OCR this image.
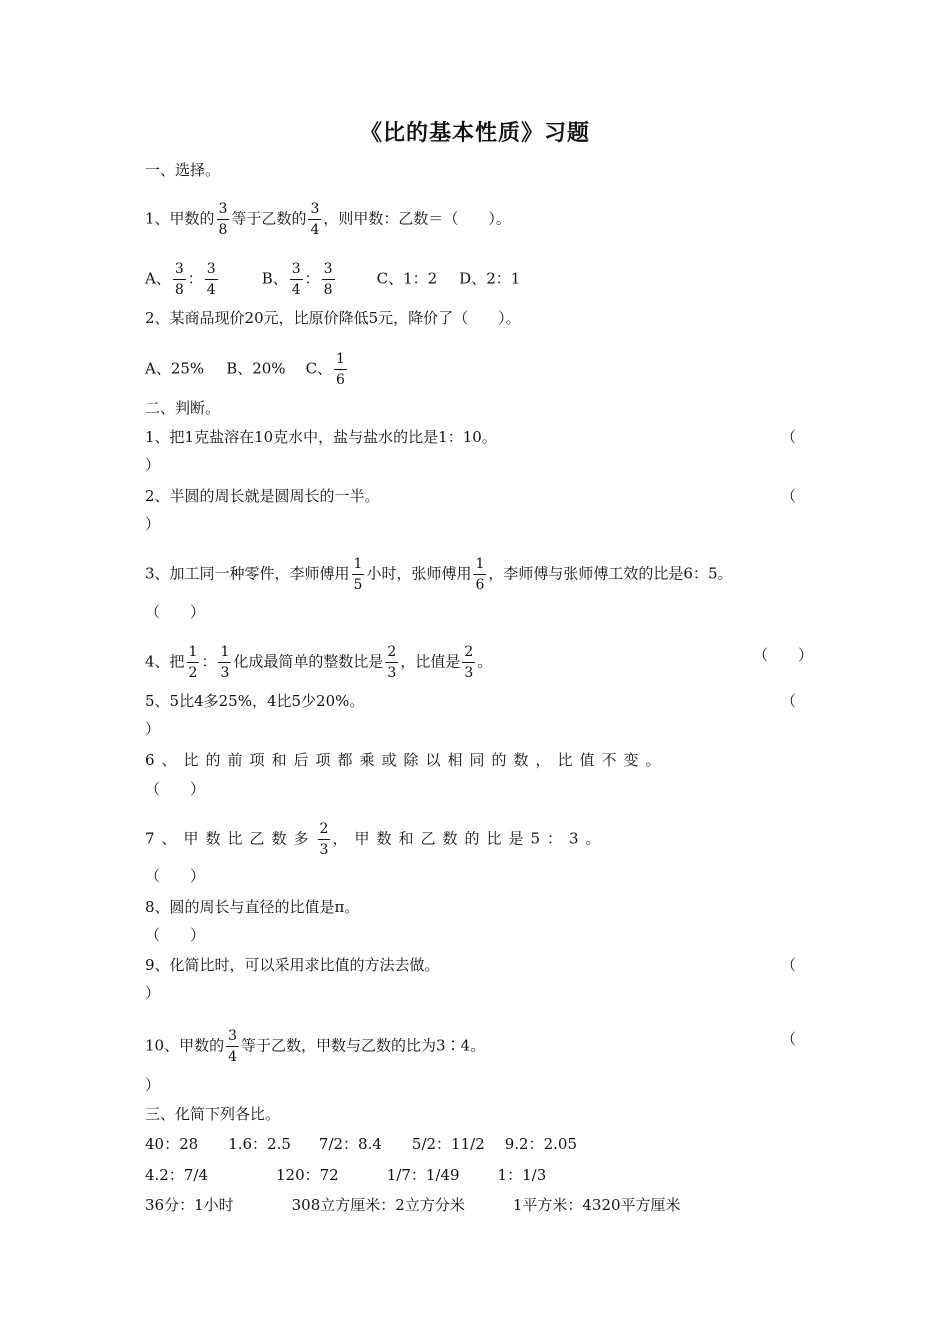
《比的基本性质》习题
一、选择。
1、甲数的 $\frac{3}{8}$ 等于乙数的 $\frac{3}{4}$ ，则甲数：乙数＝（　　）。
A、 $\frac{3}{8}$ ： $\frac{3}{4}$	B、 $\frac{3}{4}$ ： $\frac{3}{8}$	C、1：2 D、2：1
2、某商品现价20元，比原价降低5元，降价了（　　）。
A、25% B、20% C、 $\frac{1}{6}$
二、判断。
1、把1克盐溶在10克水中，盐与盐水的比是1：10。	（
）
2、半圆的周长就是圆周长的一半。	（
）
3、加工同一种零件，李师傅用 $\frac{1}{5}$ 小时，张师傅用 $\frac{1}{6}$ ，李师傅与张师傅工效的比是6：5。
（　　）
4、把 $\frac{1}{2}$ ： $\frac{1}{3}$ 化成最简单的整数比是 $\frac{2}{3}$ ，比值是 $\frac{2}{3}$ 。	（　　）
5、5比4多25%，4比5少20%。	（
）
6、比的前项和后项都乘或除以相同的数，比值不变。
（　　）
7、甲数比乙数多 $\frac{2}{3}$ ，甲数和乙数的比是5：3。
（　　）
8、圆的周长与直径的比值是π。
（　　）
9、化简比时，可以采用求比值的方法去做。	（
）
10、甲数的 $\frac{3}{4}$ 等于乙数，甲数与乙数的比为3∶4。	（
）
三、化简下列各比。
40：28 1.6：2.5 7/2：8.4 5/2：11/2 9.2：2.05
4.2：7/4	120：72	1/7：1/49	1：1/3
36分：1小时	308立方厘米：2立方分米	1平方米：4320平方厘米
